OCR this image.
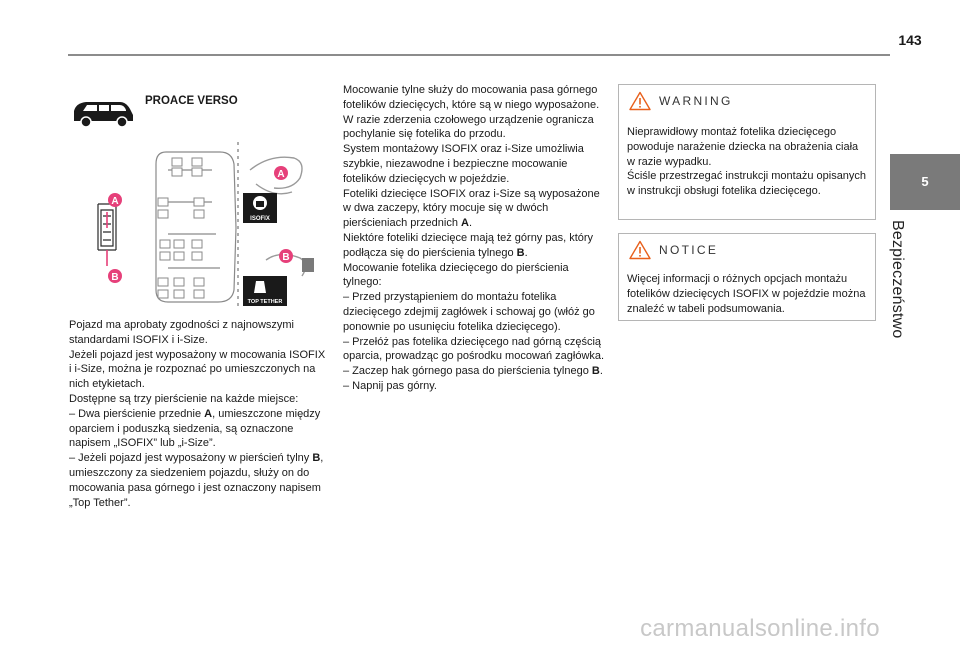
143
5
Bezpieczeństwo
PROACE VERSO
A
B
A
B
ISOFIX
TOP TETHER

Pojazd ma aprobaty zgodności z najnowszymi standardami ISOFIX i i-Size.

Jeżeli pojazd jest wyposażony w mocowania ISOFIX i i-Size, można je rozpoznać po umieszczonych na nich etykietach.

Dostępne są trzy pierścienie na każde miejsce:

– Dwa pierścienie przednie A, umieszczone między oparciem i poduszką siedzenia, są oznaczone napisem „ISOFIX” lub „i-Size”.

– Jeżeli pojazd jest wyposażony w pierścień tylny B, umieszczony za siedzeniem pojazdu, służy on do mocowania pasa górnego i jest oznaczony napisem „Top Tether”.

Mocowanie tylne służy do mocowania pasa górnego fotelików dziecięcych, które są w niego wyposażone. W razie zderzenia czołowego urządzenie ogranicza pochylanie się fotelika do przodu.

System montażowy ISOFIX oraz i-Size umożliwia szybkie, niezawodne i bezpieczne mocowanie fotelików dziecięcych w pojeździe.

Foteliki dziecięce ISOFIX oraz i-Size są wyposażone w dwa zaczepy, który mocuje się w dwóch pierścieniach przednich A.

Niektóre foteliki dziecięce mają też górny pas, który podłącza się do pierścienia tylnego B.

Mocowanie fotelika dziecięcego do pierścienia tylnego:

– Przed przystąpieniem do montażu fotelika dziecięcego zdejmij zagłówek i schowaj go (włóż go ponownie po usunięciu fotelika dziecięcego).

– Przełóż pas fotelika dziecięcego nad górną częścią oparcia, prowadząc go pośrodku mocowań zagłówka.

– Zaczep hak górnego pasa do pierścienia tylnego B.

– Napnij pas górny.

WARNING

Nieprawidłowy montaż fotelika dziecięcego powoduje narażenie dziecka na obrażenia ciała w razie wypadku.

Ściśle przestrzegać instrukcji montażu opisanych w instrukcji obsługi fotelika dziecięcego.

NOTICE

Więcej informacji o różnych opcjach montażu fotelików dziecięcych ISOFIX w pojeździe można znaleźć w tabeli podsumowania.

carmanualsonline.info
